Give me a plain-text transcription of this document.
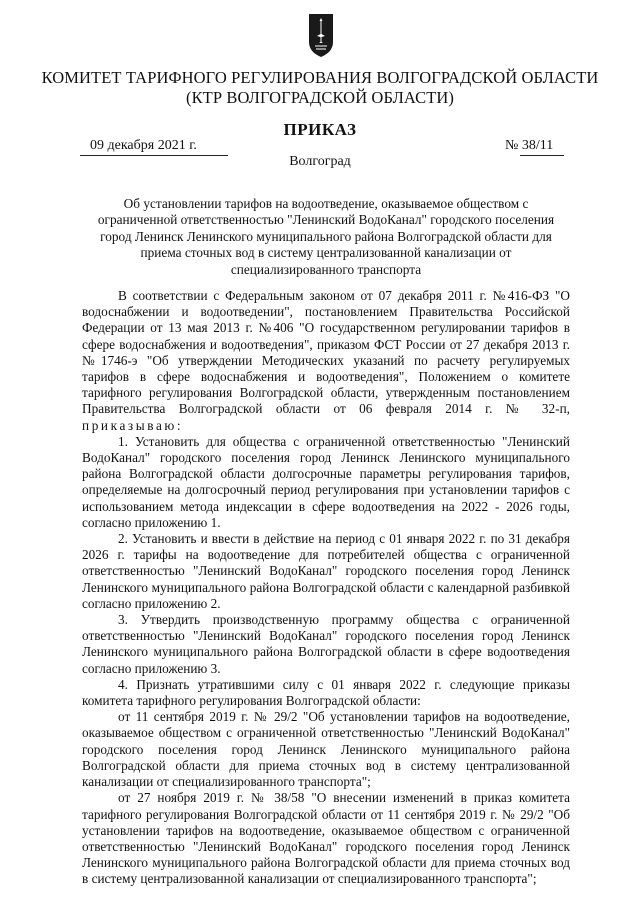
КОМИТЕТ ТАРИФНОГО РЕГУЛИРОВАНИЯ ВОЛГОГРАДСКОЙ ОБЛАСТИ
(КТР ВОЛГОГРАДСКОЙ ОБЛАСТИ)
ПРИКАЗ
09 декабря 2021 г.	№ 38/11
Волгоград
Об установлении тарифов на водоотведение, оказываемое обществом с ограниченной ответственностью "Ленинский ВодоКанал" городского поселения город Ленинск Ленинского муниципального района Волгоградской области для приема сточных вод в систему централизованной канализации от специализированного транспорта

В соответствии с Федеральным законом от 07 декабря 2011 г. №416-ФЗ "О водоснабжении и водоотведении", постановлением Правительства Российской Федерации от 13 мая 2013 г. №406 "О государственном регулировании тарифов в сфере водоснабжения и водоотведения", приказом ФСТ России от 27 декабря 2013 г. №1746-э "Об утверждении Методических указаний по расчету регулируемых тарифов в сфере водоснабжения и водоотведения", Положением о комитете тарифного регулирования Волгоградской области, утвержденным постановлением Правительства Волгоградской области от 06 февраля 2014 г. № 32-п, приказываю:

1. Установить для общества с ограниченной ответственностью "Ленинский ВодоКанал" городского поселения город Ленинск Ленинского муниципального района Волгоградской области долгосрочные параметры регулирования тарифов, определяемые на долгосрочный период регулирования при установлении тарифов с использованием метода индексации в сфере водоотведения на 2022 - 2026 годы, согласно приложению 1.

2. Установить и ввести в действие на период с 01 января 2022 г. по 31 декабря 2026 г. тарифы на водоотведение для потребителей общества с ограниченной ответственностью "Ленинский ВодоКанал" городского поселения город Ленинск Ленинского муниципального района Волгоградской области с календарной разбивкой согласно приложению 2.

3. Утвердить производственную программу общества с ограниченной ответственностью "Ленинский ВодоКанал" городского поселения город Ленинск Ленинского муниципального района Волгоградской области в сфере водоотведения согласно приложению 3.

4. Признать утратившими силу с 01 января 2022 г. следующие приказы комитета тарифного регулирования Волгоградской области:

от 11 сентября 2019 г. № 29/2 "Об установлении тарифов на водоотведение, оказываемое обществом с ограниченной ответственностью "Ленинский ВодоКанал" городского поселения город Ленинск Ленинского муниципального района Волгоградской области для приема сточных вод в систему централизованной канализации от специализированного транспорта";

от 27 ноября 2019 г. № 38/58 "О внесении изменений в приказ комитета тарифного регулирования Волгоградской области от 11 сентября 2019 г. № 29/2 "Об установлении тарифов на водоотведение, оказываемое обществом с ограниченной ответственностью "Ленинский ВодоКанал" городского поселения город Ленинск Ленинского муниципального района Волгоградской области для приема сточных вод в систему централизованной канализации от специализированного транспорта";
